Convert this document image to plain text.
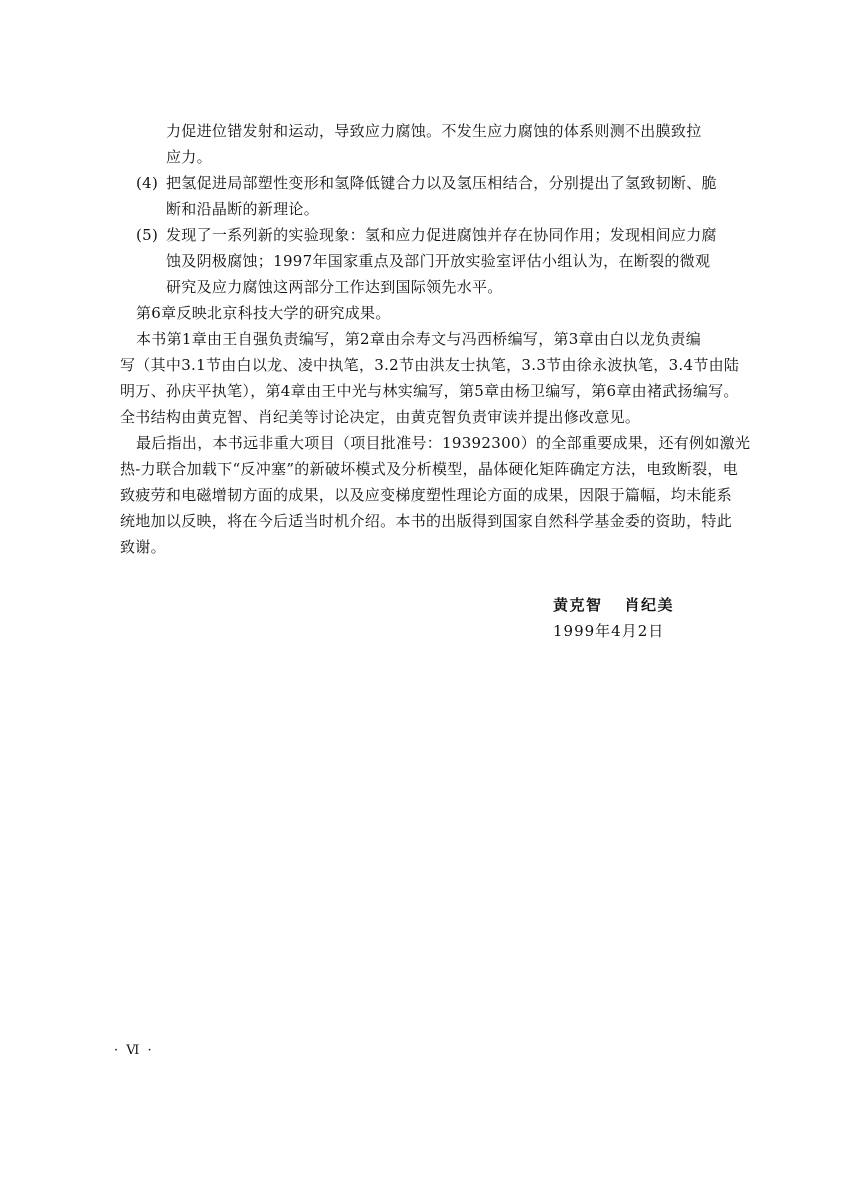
力促进位错发射和运动，导致应力腐蚀。不发生应力腐蚀的体系则测不出膜致拉
应力。
(4) 把氢促进局部塑性变形和氢降低键合力以及氢压相结合，分别提出了氢致韧断、脆
断和沿晶断的新理论。
(5) 发现了一系列新的实验现象：氢和应力促进腐蚀并存在协同作用；发现相间应力腐
蚀及阴极腐蚀；1997年国家重点及部门开放实验室评估小组认为，在断裂的微观
研究及应力腐蚀这两部分工作达到国际领先水平。
第6章反映北京科技大学的研究成果。
本书第1章由王自强负责编写，第2章由佘寿文与冯西桥编写，第3章由白以龙负责编
写（其中3.1节由白以龙、凌中执笔，3.2节由洪友士执笔，3.3节由徐永波执笔，3.4节由陆
明万、孙庆平执笔），第4章由王中光与林实编写，第5章由杨卫编写，第6章由褚武扬编写。
全书结构由黄克智、肖纪美等讨论决定，由黄克智负责审读并提出修改意见。
最后指出，本书远非重大项目（项目批准号：19392300）的全部重要成果，还有例如激光
热-力联合加载下“反冲塞”的新破坏模式及分析模型，晶体硬化矩阵确定方法，电致断裂，电
致疲劳和电磁增韧方面的成果，以及应变梯度塑性理论方面的成果，因限于篇幅，均未能系
统地加以反映，将在今后适当时机介绍。本书的出版得到国家自然科学基金委的资助，特此
致谢。
黄克智 肖纪美
1999年4月2日
· Ⅵ ·
